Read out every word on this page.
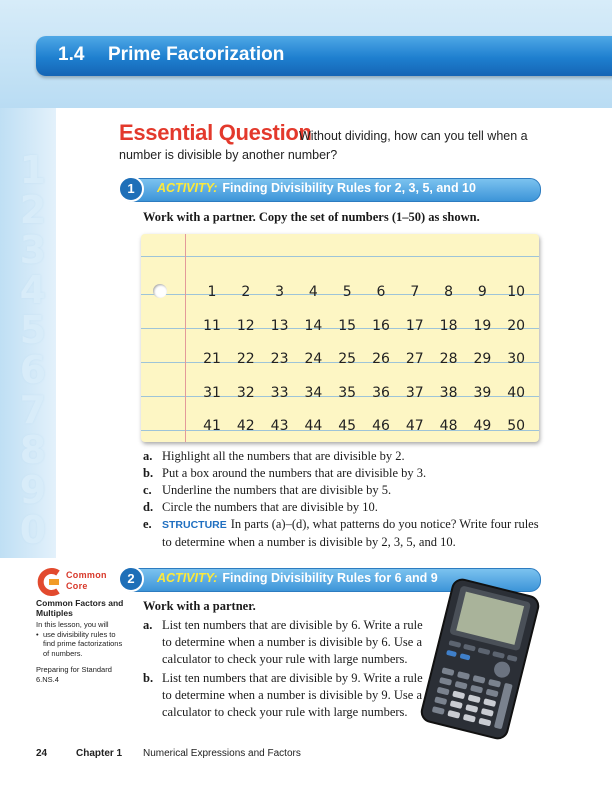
1.4 Prime Factorization
1
2
3
4
5
6
7
8
9
0
Essential Question
Without dividing, how can you tell when a number is divisible by another number?
1	ACTIVITY: Finding Divisibility Rules for 2, 3, 5, and 10
Work with a partner. Copy the set of numbers (1–50) as shown.
1	2	3	4	5	6	7	8	9	10
11	12	13	14	15	16	17	18	19	20
21	22	23	24	25	26	27	28	29	30
31	32	33	34	35	36	37	38	39	40
41	42	43	44	45	46	47	48	49	50
a. Highlight all the numbers that are divisible by 2.
b. Put a box around the numbers that are divisible by 3.
c. Underline the numbers that are divisible by 5.
d. Circle the numbers that are divisible by 10.
e. STRUCTURE In parts (a)–(d), what patterns do you notice? Write four rules to determine when a number is divisible by 2, 3, 5, and 10.
Common
Core
Common Factors and Multiples
In this lesson, you will
• use divisibility rules to find prime factorizations of numbers.
Preparing for Standard
6.NS.4
2	ACTIVITY: Finding Divisibility Rules for 6 and 9
Work with a partner.
a. List ten numbers that are divisible by 6. Write a rule to determine when a number is divisible by 6. Use a calculator to check your rule with large numbers.
b. List ten numbers that are divisible by 9. Write a rule to determine when a number is divisible by 9. Use a calculator to check your rule with large numbers.
24	Chapter 1 Numerical Expressions and Factors
